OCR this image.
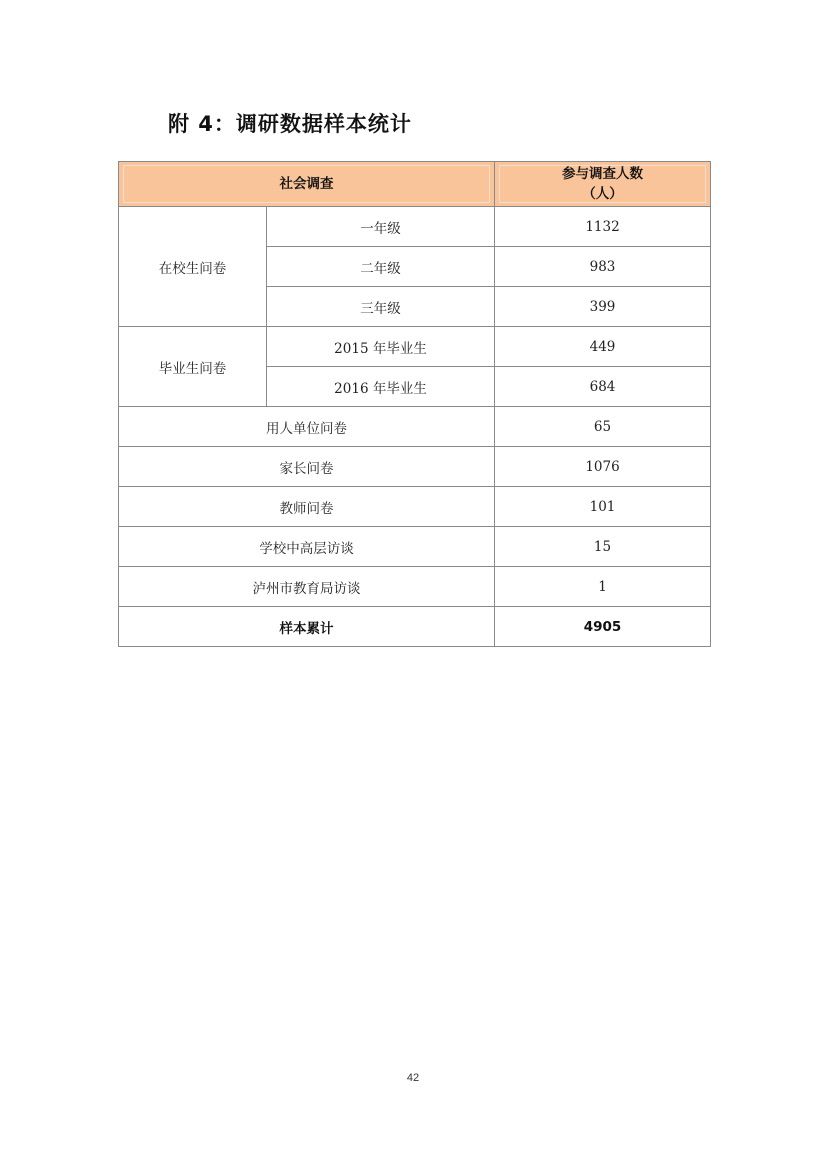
附 4：调研数据样本统计
社会调查		参与调查人数
（人）

在校生问卷	一年级	1132
	二年级	983
	三年级	399
毕业生问卷	2015 年毕业生	449
	2016 年毕业生	684
用人单位问卷		65
家长问卷		1076
教师问卷		101
学校中高层访谈		15
泸州市教育局访谈		1
样本累计		4905
42
